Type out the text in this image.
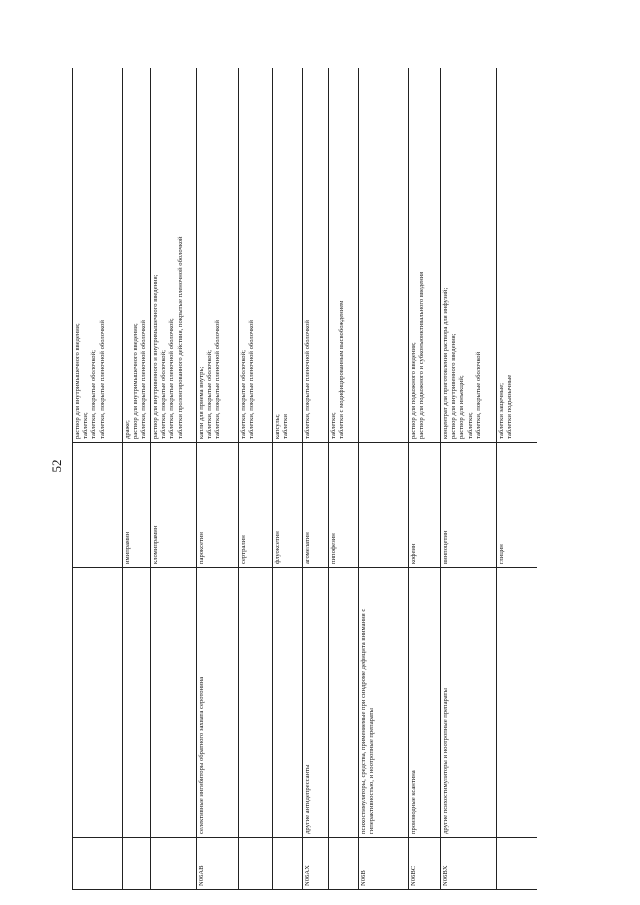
52
			раствор для внутримышечного введения;
таблетки;
таблетки, покрытые оболочкой;
таблетки, покрытые пленочной оболочкой
		имипрамин	драже;
раствор для внутримышечного введения;
таблетки, покрытые пленочной оболочкой
		кломипрамин	раствор для внутривенного и внутримышечного введения;
таблетки, покрытые оболочкой;
таблетки, покрытые пленочной оболочкой;
таблетки пролонгированного действия, покрытые пленочной оболочкой
N06AB	селективные ингибиторы обратного захвата серотонина	пароксетин	капли для приема внутрь;
таблетки, покрытые оболочкой;
таблетки, покрытые пленочной оболочкой
		сертралин	таблетки, покрытые оболочкой;
таблетки, покрытые пленочной оболочкой
		флуоксетин	капсулы;
таблетки
N06AX	другие антидепрессанты	агомелатин	таблетки, покрытые пленочной оболочкой
		пипофезин	таблетки;
таблетки с модифицированным высвобождением
N06B	психостимуляторы, средства, применяемые при синдроме дефицита внимания с гиперактивностью, и ноотропные препараты		
N06BC	производные ксантина	кофеин	раствор для подкожного введения;
раствор для подкожного и субконъюнктивального введения
N06BX	другие психостимуляторы и ноотропные препараты	винпоцетин	концентрат для приготовления раствора для инфузий;
раствор для внутривенного введения;
раствор для инъекций;
таблетки;
таблетки, покрытые оболочкой
		глицин	таблетки защечные;
таблетки подъязычные
